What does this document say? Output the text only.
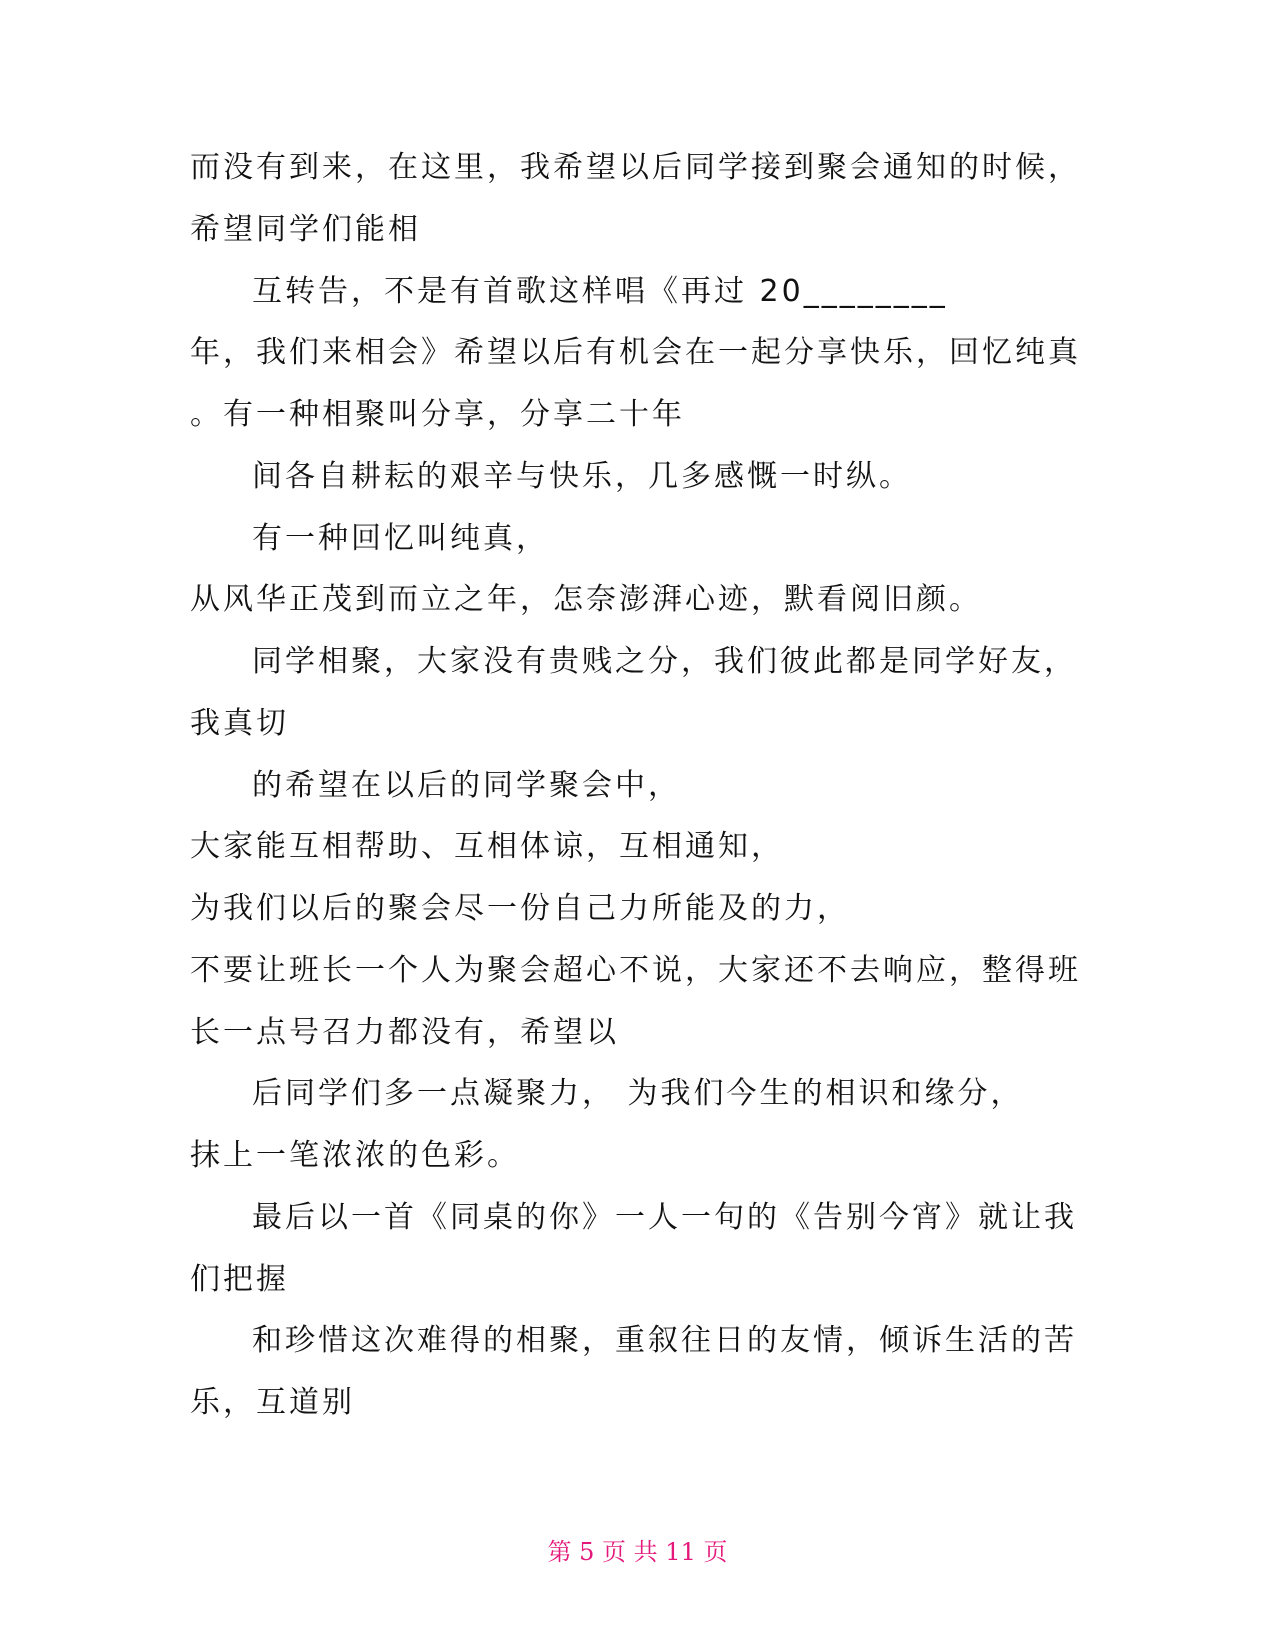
而没有到来，在这里，我希望以后同学接到聚会通知的时候，
希望同学们能相
互转告，不是有首歌这样唱《再过 20________
年，我们来相会》希望以后有机会在一起分享快乐，回忆纯真
。有一种相聚叫分享，分享二十年
间各自耕耘的艰辛与快乐，几多感慨一时纵。
有一种回忆叫纯真，
从风华正茂到而立之年，怎奈澎湃心迹，默看阅旧颜。
同学相聚，大家没有贵贱之分，我们彼此都是同学好友，
我真切
的希望在以后的同学聚会中，
大家能互相帮助、互相体谅，互相通知，
为我们以后的聚会尽一份自己力所能及的力，
不要让班长一个人为聚会超心不说，大家还不去响应，整得班
长一点号召力都没有，希望以
后同学们多一点凝聚力， 为我们今生的相识和缘分，
抹上一笔浓浓的色彩。
最后以一首《同桌的你》一人一句的《告别今宵》就让我
们把握
和珍惜这次难得的相聚，重叙往日的友情，倾诉生活的苦
乐，互道别
第 5 页 共 11 页
